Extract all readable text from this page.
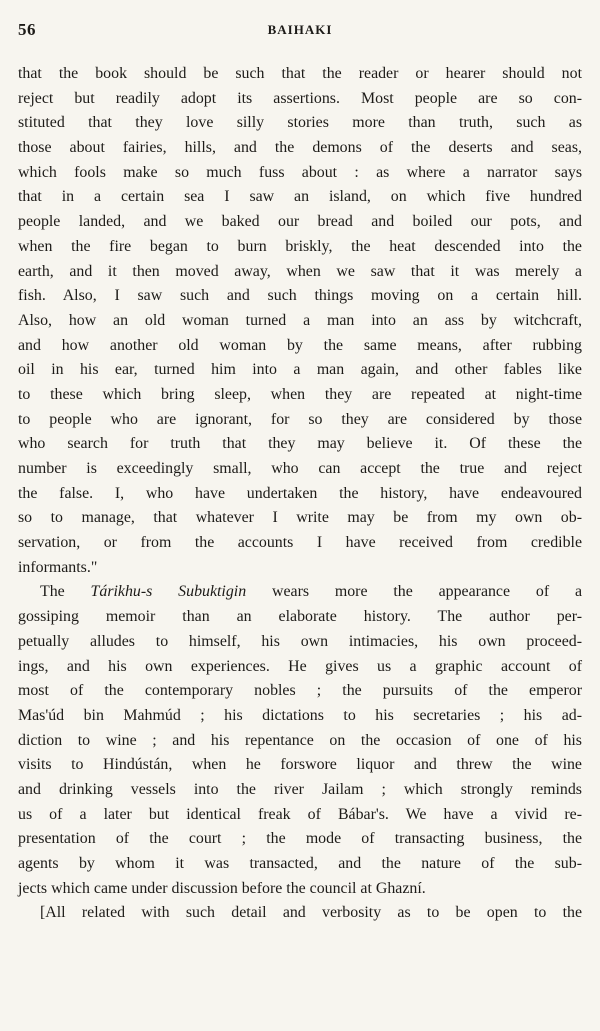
56	BAIHAKI
that the book should be such that the reader or hearer should not
reject but readily adopt its assertions. Most people are so con-
stituted that they love silly stories more than truth, such as
those about fairies, hills, and the demons of the deserts and seas,
which fools make so much fuss about : as where a narrator says
that in a certain sea I saw an island, on which five hundred
people landed, and we baked our bread and boiled our pots, and
when the fire began to burn briskly, the heat descended into the
earth, and it then moved away, when we saw that it was merely a
fish. Also, I saw such and such things moving on a certain hill.
Also, how an old woman turned a man into an ass by witchcraft,
and how another old woman by the same means, after rubbing
oil in his ear, turned him into a man again, and other fables like
to these which bring sleep, when they are repeated at night-time
to people who are ignorant, for so they are considered by those
who search for truth that they may believe it. Of these the
number is exceedingly small, who can accept the true and reject
the false. I, who have undertaken the history, have endeavoured
so to manage, that whatever I write may be from my own ob-
servation, or from the accounts I have received from credible
informants."
The Tárikhu-s Subuktigin wears more the appearance of a
gossiping memoir than an elaborate history. The author per-
petually alludes to himself, his own intimacies, his own proceed-
ings, and his own experiences. He gives us a graphic account of
most of the contemporary nobles ; the pursuits of the emperor
Mas'úd bin Mahmúd ; his dictations to his secretaries ; his ad-
diction to wine ; and his repentance on the occasion of one of his
visits to Hindústán, when he forswore liquor and threw the wine
and drinking vessels into the river Jailam ; which strongly reminds
us of a later but identical freak of Bábar's. We have a vivid re-
presentation of the court ; the mode of transacting business, the
agents by whom it was transacted, and the nature of the sub-
jects which came under discussion before the council at Ghazní.
[All related with such detail and verbosity as to be open to the
